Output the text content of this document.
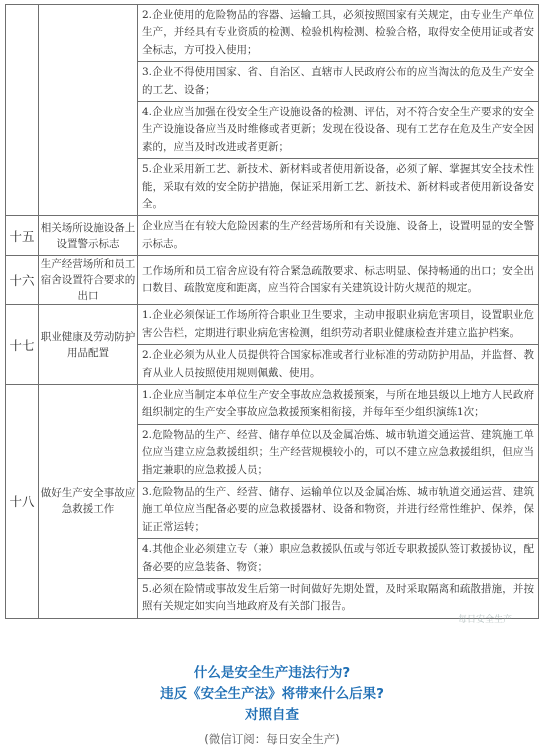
		2.企业使用的危险物品的容器、运输工具，必须按照国家有关规定，由专业生产单位生产，并经具有专业资质的检测、检验机构检测、检验合格，取得安全使用证或者安全标志，方可投入使用；
3.企业不得使用国家、省、自治区、直辖市人民政府公布的应当淘汰的危及生产安全的工艺、设备；
4.企业应当加强在役安全生产设施设备的检测、评估，对不符合安全生产要求的安全生产设施设备应当及时维修或者更新；发现在役设备、现有工艺存在危及生产安全因素的，应当及时改进或者更新；
5.企业采用新工艺、新技术、新材料或者使用新设备，必须了解、掌握其安全技术性能，采取有效的安全防护措施，保证采用新工艺、新技术、新材料或者使用新设备安全。

十五	相关场所设施设备上设置警示标志	企业应当在有较大危险因素的生产经营场所和有关设施、设备上，设置明显的安全警示标志。

十六	生产经营场所和员工宿舍设置符合要求的出口	工作场所和员工宿舍应设有符合紧急疏散要求、标志明显、保持畅通的出口；安全出口数目、疏散宽度和距离，应当符合国家有关建筑设计防火规范的规定。

十七	职业健康及劳动防护用品配置	1.企业必须保证工作场所符合职业卫生要求，主动申报职业病危害项目，设置职业危害公告栏，定期进行职业病危害检测，组织劳动者职业健康检查并建立监护档案。
2.企业必须为从业人员提供符合国家标准或者行业标准的劳动防护用品，并监督、教育从业人员按照使用规则佩戴、使用。

十八	做好生产安全事故应急救援工作	1.企业应当制定本单位生产安全事故应急救援预案，与所在地县级以上地方人民政府组织制定的生产安全事故应急救援预案相衔接，并每年至少组织演练1次；
2.危险物品的生产、经营、储存单位以及金属冶炼、城市轨道交通运营、建筑施工单位应当建立应急救援组织；生产经营规模较小的，可以不建立应急救援组织，但应当指定兼职的应急救援人员；
3.危险物品的生产、经营、储存、运输单位以及金属冶炼、城市轨道交通运营、建筑施工单位应当配备必要的应急救援器材、设备和物资，并进行经常性维护、保养，保证正常运转；
4.其他企业必须建立专（兼）职应急救援队伍或与邻近专职救援队签订救援协议，配备必要的应急装备、物资；
5.必须在险情或事故发生后第一时间做好先期处置，及时采取隔离和疏散措施，并按照有关规定如实向当地政府及有关部门报告。
每日安全生产
什么是安全生产违法行为?
违反《安全生产法》将带来什么后果?
对照自查
(微信订阅：每日安全生产)
